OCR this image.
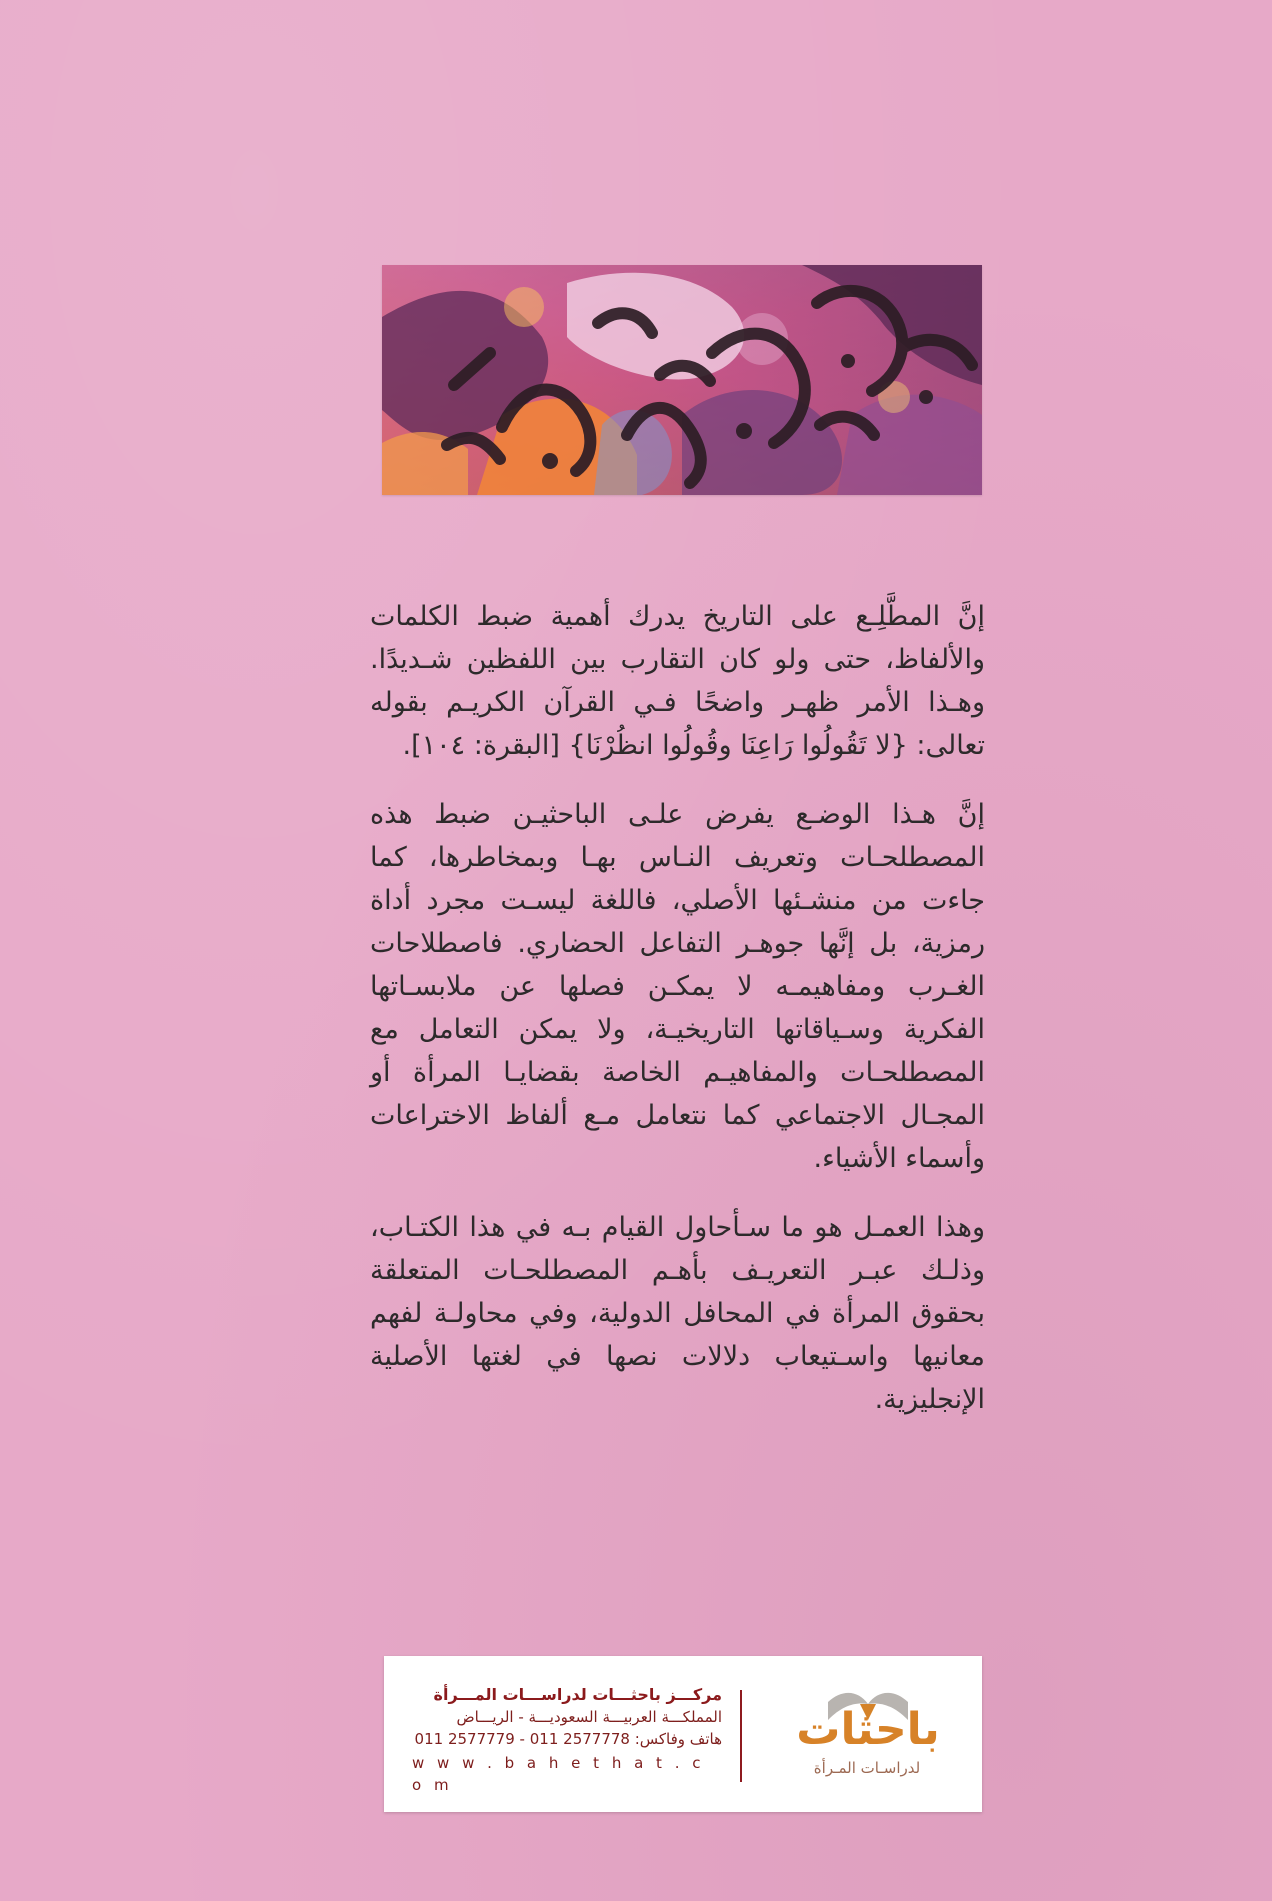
إنَّ المطَّلِـع على التاريخ يدرك أهمية ضبط الكلمات والألفاظ، حتى ولو كان التقارب بين اللفظين شـديدًا. وهـذا الأمر ظهـر واضحًا فـي القرآن الكريـم بقوله تعالى: {لا تَقُولُوا رَاعِنَا وقُولُوا انظُرْنَا} [البقرة: ١٠٤].

إنَّ هـذا الوضـع يفرض علـى الباحثيـن ضبط هذه المصطلحـات وتعريف النـاس بهـا وبمخاطرها، كما جاءت من منشـئها الأصلي، فاللغة ليسـت مجرد أداة رمزية، بل إنَّها جوهـر التفاعل الحضاري. فاصطلاحات الغـرب ومفاهيمـه لا يمكـن فصلها عن ملابسـاتها الفكرية وسـياقاتها التاريخيـة، ولا يمكن التعامل مع المصطلحـات والمفاهيـم الخاصة بقضايـا المرأة أو المجـال الاجتماعي كما نتعامل مـع ألفاظ الاختراعات وأسماء الأشياء.

وهذا العمـل هو ما سـأحاول القيام بـه في هذا الكتـاب، وذلـك عبـر التعريـف بأهـم المصطلحـات المتعلقة بحقوق المرأة في المحافل الدولية، وفي محاولـة لفهم معانيها واسـتيعاب دلالات نصها في لغتها الأصلية الإنجليزية.

باحثات
لدراسـات المـرأة
مركـــز باحثـــات لدراســـات المـــرأة
المملكـــة العربيـــة السعوديـــة - الريـــاض
هاتف وفاكس: 2577778 011 - 2577779 011
w w w . b a h e t h a t . c o m
